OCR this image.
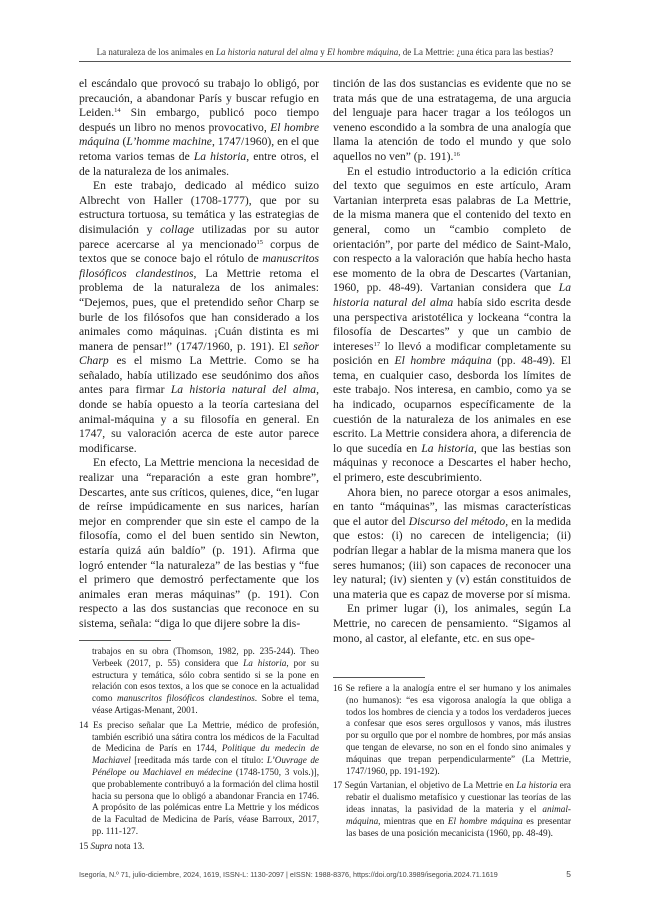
La naturaleza de los animales en La historia natural del alma y El hombre máquina, de La Mettrie: ¿una ética para las bestias?

el escándalo que provocó su trabajo lo obligó, por precaución, a abandonar París y buscar refugio en Leiden.$^{14}$ Sin embargo, publicó poco tiempo después un libro no menos provocativo, El hombre máquina (L’homme machine, 1747/1960), en el que retoma varios temas de La historia, entre otros, el de la naturaleza de los animales.

En este trabajo, dedicado al médico suizo Albrecht von Haller (1708-1777), que por su estructura tortuosa, su temática y las estrategias de disimulación y collage utilizadas por su autor parece acercarse al ya mencionado$^{15}$ corpus de textos que se conoce bajo el rótulo de manuscritos filosóficos clandestinos, La Mettrie retoma el problema de la naturaleza de los animales: “Dejemos, pues, que el pretendido señor Charp se burle de los filósofos que han considerado a los animales como máquinas. ¡Cuán distinta es mi manera de pensar!” (1747/1960, p. 191). El señor Charp es el mismo La Mettrie. Como se ha señalado, había utilizado ese seudónimo dos años antes para firmar La historia natural del alma, donde se había opuesto a la teoría cartesiana del animal-máquina y a su filosofía en general. En 1747, su valoración acerca de este autor parece modificarse.

En efecto, La Mettrie menciona la necesidad de realizar una “reparación a este gran hombre”, Descartes, ante sus críticos, quienes, dice, “en lugar de reírse impúdicamente en sus narices, harían mejor en comprender que sin este el campo de la filosofía, como el del buen sentido sin Newton, estaría quizá aún baldío” (p. 191). Afirma que logró entender “la naturaleza” de las bestias y “fue el primero que demostró perfectamente que los animales eran meras máquinas” (p. 191). Con respecto a las dos sustancias que reconoce en su sistema, señala: “diga lo que dijere sobre la dis-

tinción de las dos sustancias es evidente que no se trata más que de una estratagema, de una argucia del lenguaje para hacer tragar a los teólogos un veneno escondido a la sombra de una analogía que llama la atención de todo el mundo y que solo aquellos no ven” (p. 191).$^{16}$

En el estudio introductorio a la edición crítica del texto que seguimos en este artículo, Aram Vartanian interpreta esas palabras de La Mettrie, de la misma manera que el contenido del texto en general, como un “cambio completo de orientación”, por parte del médico de Saint-Malo, con respecto a la valoración que había hecho hasta ese momento de la obra de Descartes (Vartanian, 1960, pp. 48-49). Vartanian considera que La historia natural del alma había sido escrita desde una perspectiva aristotélica y lockeana “contra la filosofía de Descartes” y que un cambio de intereses$^{17}$ lo llevó a modificar completamente su posición en El hombre máquina (pp. 48-49). El tema, en cualquier caso, desborda los límites de este trabajo. Nos interesa, en cambio, como ya se ha indicado, ocuparnos específicamente de la cuestión de la naturaleza de los animales en ese escrito. La Mettrie considera ahora, a diferencia de lo que sucedía en La historia, que las bestias son máquinas y reconoce a Descartes el haber hecho, el primero, este descubrimiento.

Ahora bien, no parece otorgar a esos animales, en tanto “máquinas”, las mismas características que el autor del Discurso del método, en la medida que estos: (i) no carecen de inteligencia; (ii) podrían llegar a hablar de la misma manera que los seres humanos; (iii) son capaces de reconocer una ley natural; (iv) sienten y (v) están constituidos de una materia que es capaz de moverse por sí misma.

En primer lugar (i), los animales, según La Mettrie, no carecen de pensamiento. “Sigamos al mono, al castor, al elefante, etc. en sus ope-

trabajos en su obra (Thomson, 1982, pp. 235-244). Theo Verbeek (2017, p. 55) considera que La historia, por su estructura y temática, sólo cobra sentido si se la pone en relación con esos textos, a los que se conoce en la actualidad como manuscritos filosóficos clandestinos. Sobre el tema, véase Artigas-Menant, 2001.

14 Es preciso señalar que La Mettrie, médico de profesión, también escribió una sátira contra los médicos de la Facultad de Medicina de París en 1744, Politique du medecin de Machiavel [reeditada más tarde con el título: L’Ouvrage de Pénélope ou Machiavel en médecine (1748-1750, 3 vols.)], que probablemente contribuyó a la formación del clima hostil hacia su persona que lo obligó a abandonar Francia en 1746. A propósito de las polémicas entre La Mettrie y los médicos de la Facultad de Medicina de París, véase Barroux, 2017, pp. 111-127.

15 Supra nota 13.

16 Se refiere a la analogía entre el ser humano y los animales (no humanos): “es esa vigorosa analogía la que obliga a todos los hombres de ciencia y a todos los verdaderos jueces a confesar que esos seres orgullosos y vanos, más ilustres por su orgullo que por el nombre de hombres, por más ansias que tengan de elevarse, no son en el fondo sino animales y máquinas que trepan perpendicularmente” (La Mettrie, 1747/1960, pp. 191-192).

17 Según Vartanian, el objetivo de La Mettrie en La historia era rebatir el dualismo metafísico y cuestionar las teorías de las ideas innatas, la pasividad de la materia y el animal-máquina, mientras que en El hombre máquina es presentar las bases de una posición mecanicista (1960, pp. 48-49).

Isegoría, N.º 71, julio-diciembre, 2024, 1619, ISSN-L: 1130-2097 | eISSN: 1988-8376, https://doi.org/10.3989/isegoria.2024.71.1619	5
